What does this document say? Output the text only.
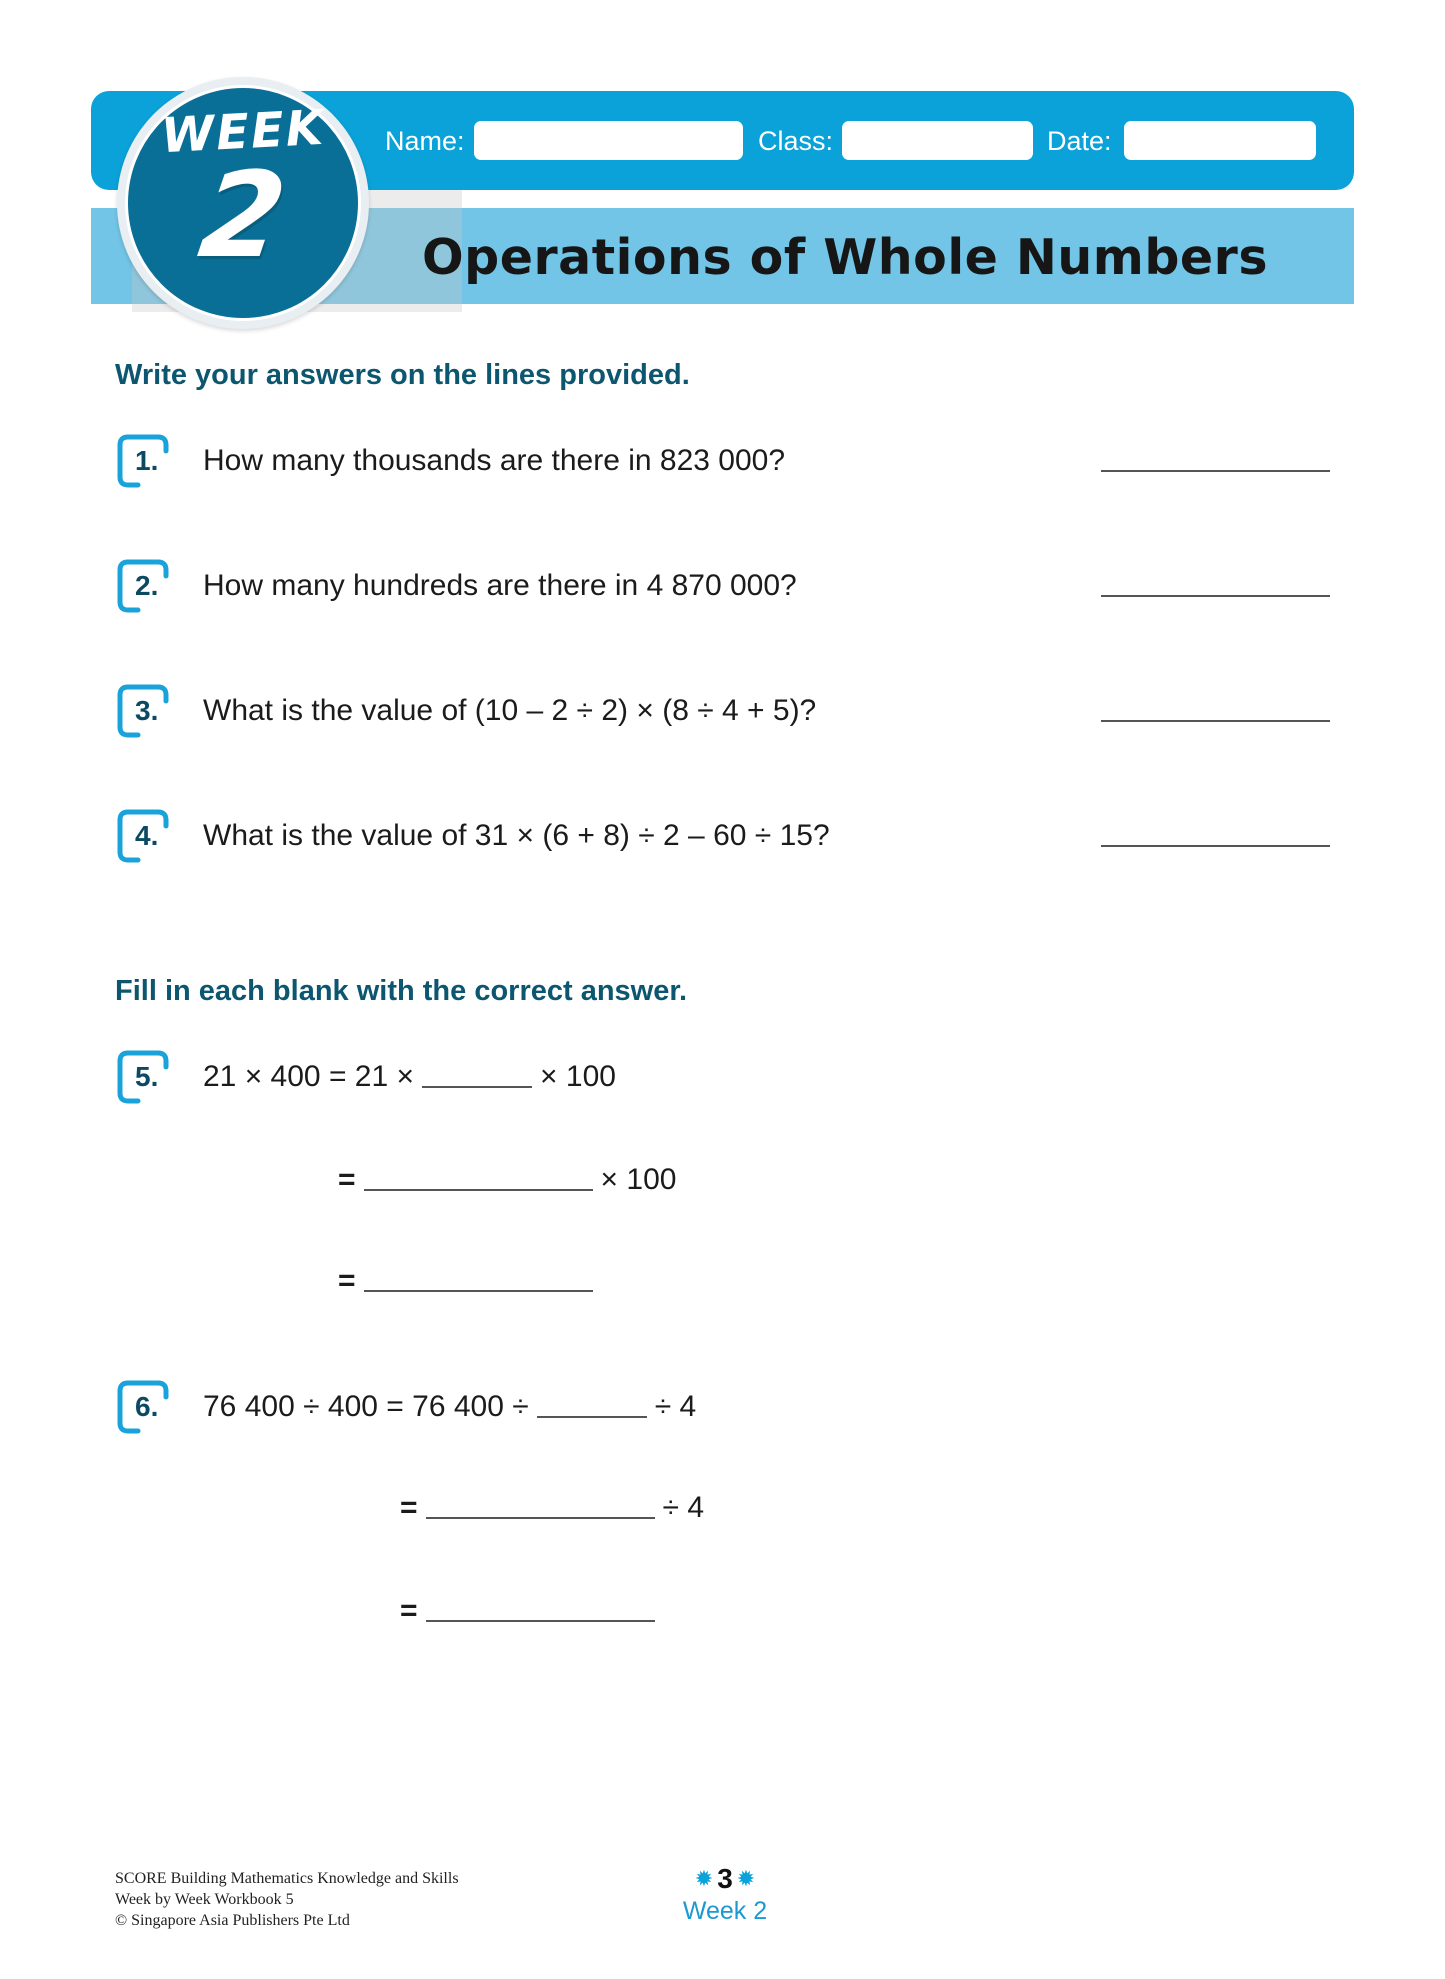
Name:	Class:	Date:
WEEK
2	Operations of Whole Numbers
Write your answers on the lines provided.
1. How many thousands are there in 823 000?
2. How many hundreds are there in 4 870 000?
3. What is the value of (10 – 2 ÷ 2) × (8 ÷ 4 + 5)?
4. What is the value of 31 × (6 + 8) ÷ 2 – 60 ÷ 15?
Fill in each blank with the correct answer.
5. 21 × 400 = 21 ×	× 100
=	× 100
=
6. 76 400 ÷ 400 = 76 400 ÷	÷ 4
=	÷ 4
=
SCORE Building Mathematics Knowledge and Skills
Week by Week Workbook 5
© Singapore Asia Publishers Pte Ltd
✹ 3 ✹
Week 2
